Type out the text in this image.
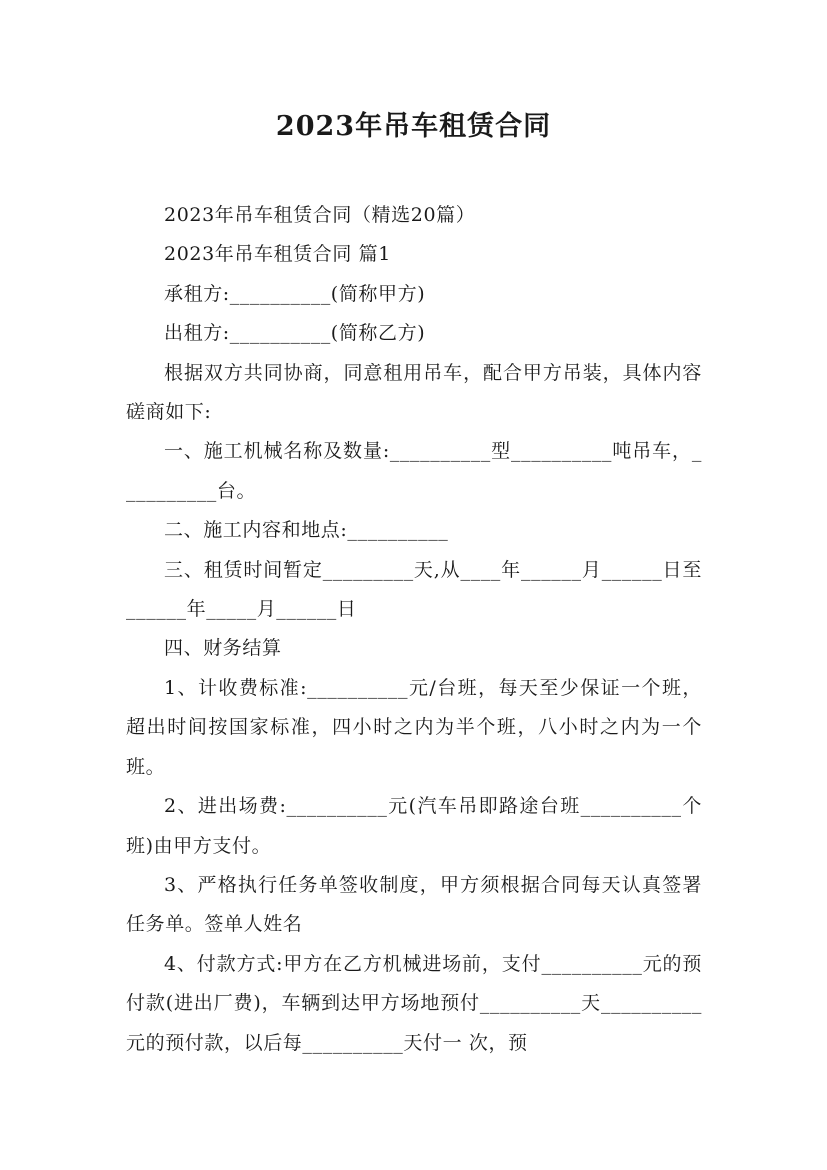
2023年吊车租赁合同

2023年吊车租赁合同（精选20篇）

2023年吊车租赁合同 篇1

承租方:__________(简称甲方)

出租方:__________(简称乙方)

根据双方共同协商，同意租用吊车，配合甲方吊装，具体内容磋商如下:

一、施工机械名称及数量:__________型__________吨吊车，__________台。

二、施工内容和地点:__________

三、租赁时间暂定_________天,从____年______月______日至______年_____月______日

四、财务结算

1、计收费标准:__________元/台班，每天至少保证一个班，超出时间按国家标准，四小时之内为半个班，八小时之内为一个班。

2、进出场费:__________元(汽车吊即路途台班__________个班)由甲方支付。

3、严格执行任务单签收制度，甲方须根据合同每天认真签署任务单。签单人姓名

4、付款方式:甲方在乙方机械进场前，支付__________元的预付款(进出厂费)，车辆到达甲方场地预付__________天__________元的预付款，以后每__________天付一 次，预
